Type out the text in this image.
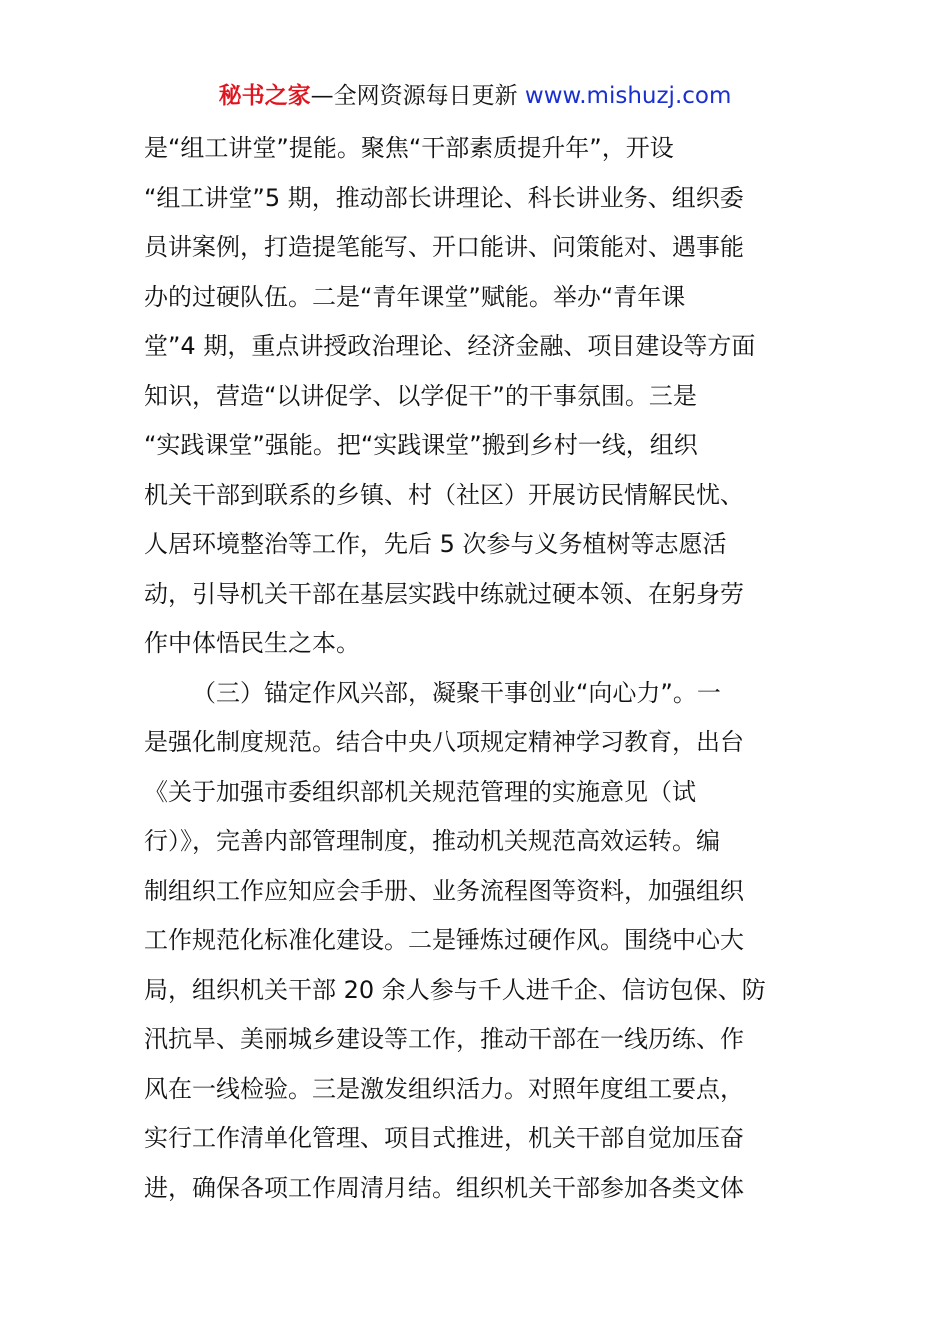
秘书之家—全网资源每日更新 www.mishuzj.com
是“组工讲堂”提能。聚焦“干部素质提升年”，开设
“组工讲堂”5 期，推动部长讲理论、科长讲业务、组织委
员讲案例，打造提笔能写、开口能讲、问策能对、遇事能
办的过硬队伍。二是“青年课堂”赋能。举办“青年课
堂”4 期，重点讲授政治理论、经济金融、项目建设等方面
知识，营造“以讲促学、以学促干”的干事氛围。三是
“实践课堂”强能。把“实践课堂”搬到乡村一线，组织
机关干部到联系的乡镇、村（社区）开展访民情解民忧、
人居环境整治等工作，先后 5 次参与义务植树等志愿活
动，引导机关干部在基层实践中练就过硬本领、在躬身劳
作中体悟民生之本。
（三）锚定作风兴部，凝聚干事创业“向心力”。一
是强化制度规范。结合中央八项规定精神学习教育，出台
《关于加强市委组织部机关规范管理的实施意见（试
行）》，完善内部管理制度，推动机关规范高效运转。编
制组织工作应知应会手册、业务流程图等资料，加强组织
工作规范化标准化建设。二是锤炼过硬作风。围绕中心大
局，组织机关干部 20 余人参与千人进千企、信访包保、防
汛抗旱、美丽城乡建设等工作，推动干部在一线历练、作
风在一线检验。三是激发组织活力。对照年度组工要点，
实行工作清单化管理、项目式推进，机关干部自觉加压奋
进，确保各项工作周清月结。组织机关干部参加各类文体
